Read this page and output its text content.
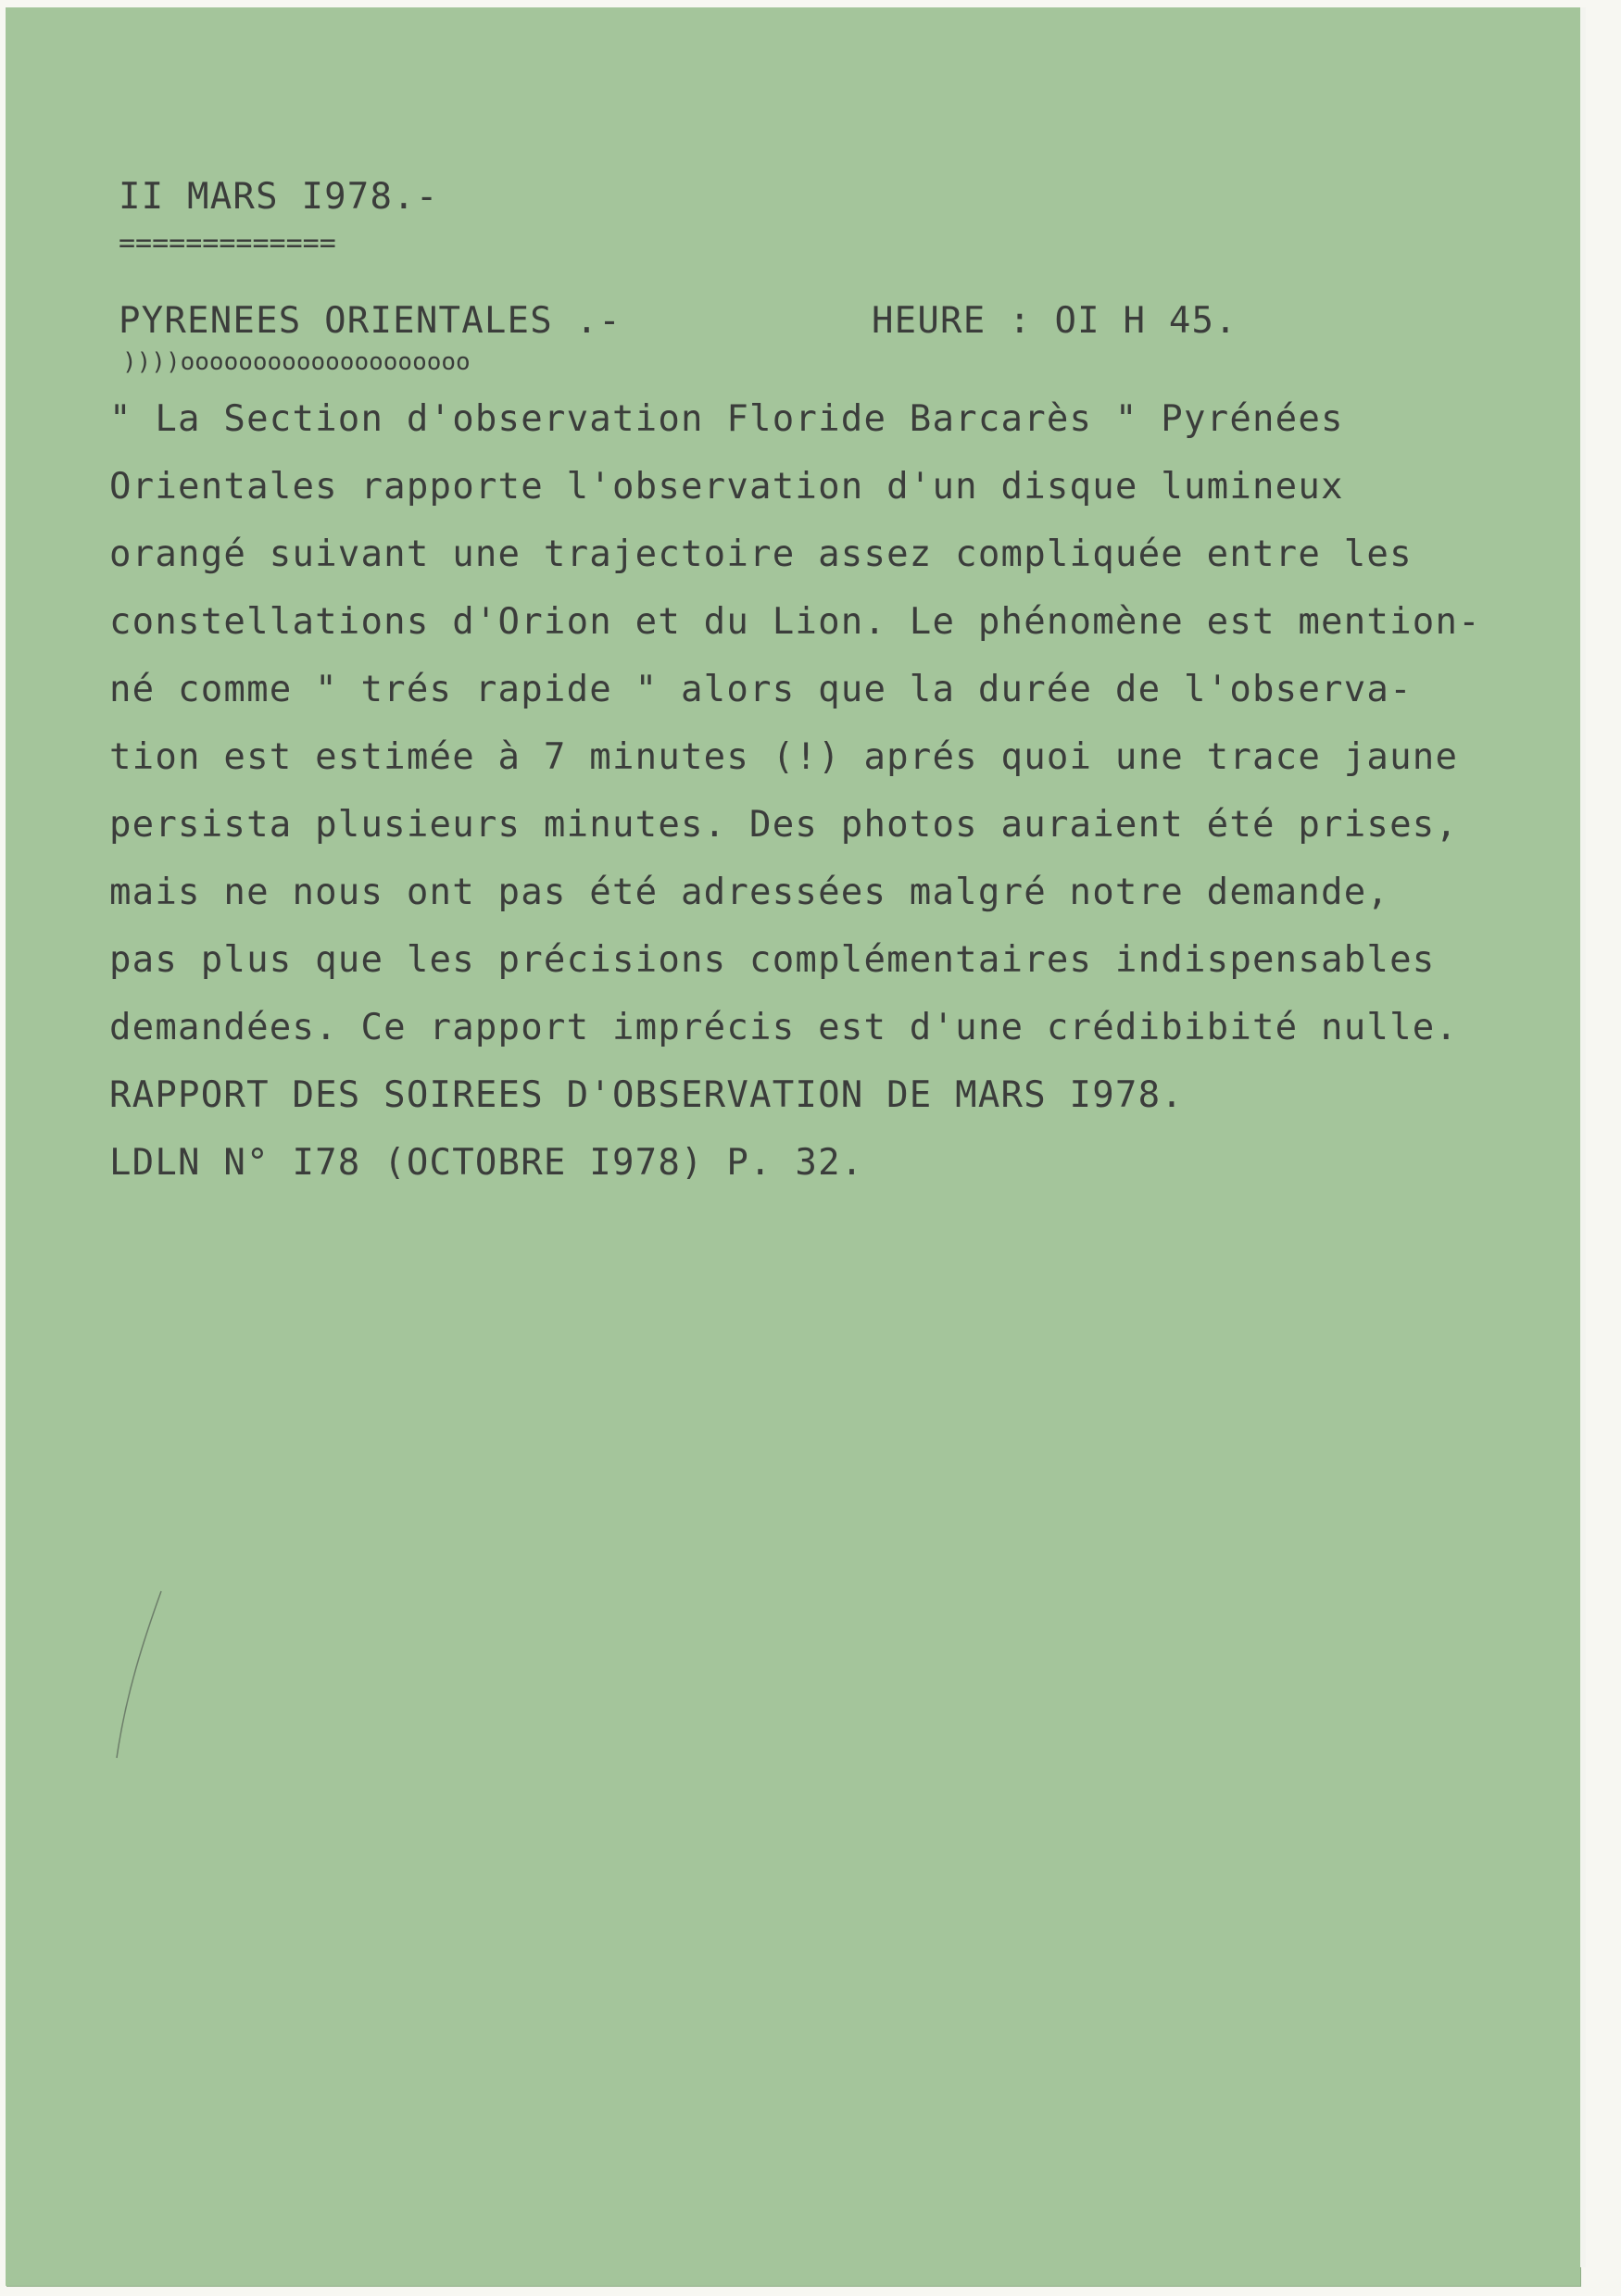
II MARS I978.-
=============
PYRENEES ORIENTALES .-	HEURE : OI H 45.
))))oooooooooooooooooooo
" La Section d'observation Floride Barcarès " Pyrénées
Orientales rapporte l'observation d'un disque lumineux
orangé suivant une trajectoire assez compliquée entre les
constellations d'Orion et du Lion. Le phénomène est mention-
né comme " trés rapide " alors que la durée de l'observa-
tion est estimée à 7 minutes (!) aprés quoi une trace jaune
persista plusieurs minutes. Des photos auraient été prises,
mais ne nous ont pas été adressées malgré notre demande,
pas plus que les précisions complémentaires indispensables
demandées. Ce rapport imprécis est d'une crédibibité nulle.
RAPPORT DES SOIREES D'OBSERVATION DE MARS I978.
LDLN N° I78 (OCTOBRE I978) P. 32.
